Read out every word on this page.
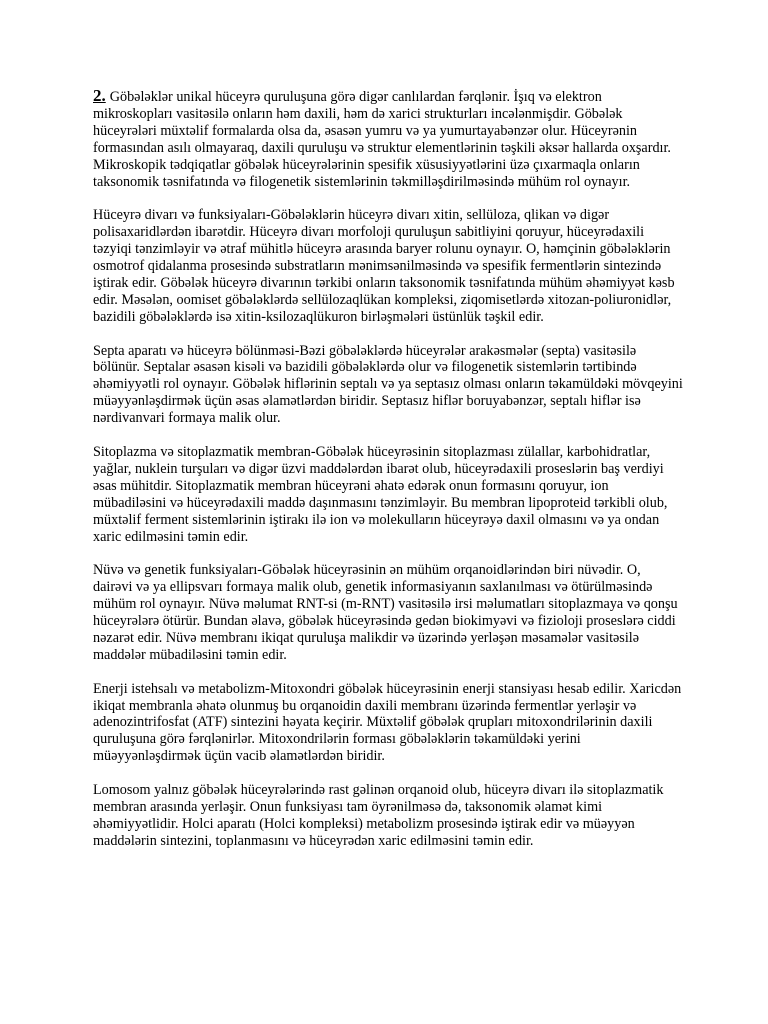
2. Göbələklər unikal hüceyrə quruluşuna görə digər canlılardan fərqlənir. İşıq və elektron mikroskopları vasitəsilə onların həm daxili, həm də xarici strukturları incələnmişdir. Göbələk hüceyrələri müxtəlif formalarda olsa da, əsasən yumru və ya yumurtayabənzər olur. Hüceyrənin formasından asılı olmayaraq, daxili quruluşu və struktur elementlərinin təşkili əksər hallarda oxşardır. Mikroskopik tədqiqatlar göbələk hüceyrələrinin spesifik xüsusiyyətlərini üzə çıxarmaqla onların taksonomik təsnifatında və filogenetik sistemlərinin təkmilləşdirilməsində mühüm rol oynayır.

Hüceyrə divarı və funksiyaları-Göbələklərin hüceyrə divarı xitin, sellüloza, qlikan və digər polisaxaridlərdən ibarətdir. Hüceyrə divarı morfoloji quruluşun sabitliyini qoruyur, hüceyrədaxili təzyiqi tənzimləyir və ətraf mühitlə hüceyrə arasında baryer rolunu oynayır. O, həmçinin göbələklərin osmotrof qidalanma prosesində substratların mənimsənilməsində və spesifik fermentlərin sintezində iştirak edir. Göbələk hüceyrə divarının tərkibi onların taksonomik təsnifatında mühüm əhəmiyyət kəsb edir. Məsələn, oomiset göbələklərdə sellülozaqlükan kompleksi, ziqomisetlərdə xitozan-poliuronidlər, bazidili göbələklərdə isə xitin-ksilozaqlükuron birləşmələri üstünlük təşkil edir.

Septa aparatı və hüceyrə bölünməsi-Bəzi göbələklərdə hüceyrələr arakəsmələr (septa) vasitəsilə bölünür. Septalar əsasən kisəli və bazidili göbələklərdə olur və filogenetik sistemlərin tərtibində əhəmiyyətli rol oynayır. Göbələk hiflərinin septalı və ya septasız olması onların təkamüldəki mövqeyini müəyyənləşdirmək üçün əsas əlamətlərdən biridir. Septasız hiflər boruyabənzər, septalı hiflər isə nərdivanvari formaya malik olur.

Sitoplazma və sitoplazmatik membran-Göbələk hüceyrəsinin sitoplazması zülallar, karbohidratlar, yağlar, nuklein turşuları və digər üzvi maddələrdən ibarət olub, hüceyrədaxili proseslərin baş verdiyi əsas mühitdir. Sitoplazmatik membran hüceyrəni əhatə edərək onun formasını qoruyur, ion mübadiləsini və hüceyrədaxili maddə daşınmasını tənzimləyir. Bu membran lipoproteid tərkibli olub, müxtəlif ferment sistemlərinin iştirakı ilə ion və molekulların hüceyrəyə daxil olmasını və ya ondan xaric edilməsini təmin edir.

Nüvə və genetik funksiyaları-Göbələk hüceyrəsinin ən mühüm orqanoidlərindən biri nüvədir. O, dairəvi və ya ellipsvarı formaya malik olub, genetik informasiyanın saxlanılması və ötürülməsində mühüm rol oynayır. Nüvə məlumat RNT-si (m-RNT) vasitəsilə irsi məlumatları sitoplazmaya və qonşu hüceyrələrə ötürür. Bundan əlavə, göbələk hüceyrəsində gedən biokimyəvi və fizioloji proseslərə ciddi nəzarət edir. Nüvə membranı ikiqat quruluşa malikdir və üzərində yerləşən məsamələr vasitəsilə maddələr mübadiləsini təmin edir.

Enerji istehsalı və metabolizm-Mitoxondri göbələk hüceyrəsinin enerji stansiyası hesab edilir. Xaricdən ikiqat membranla əhatə olunmuş bu orqanoidin daxili membranı üzərində fermentlər yerləşir və adenozintrifosfat (ATF) sintezini həyata keçirir. Müxtəlif göbələk qrupları mitoxondrilərinin daxili quruluşuna görə fərqlənirlər. Mitoxondrilərin forması göbələklərin təkamüldəki yerini müəyyənləşdirmək üçün vacib əlamətlərdən biridir.

Lomosom yalnız göbələk hüceyrələrində rast gəlinən orqanoid olub, hüceyrə divarı ilə sitoplazmatik membran arasında yerləşir. Onun funksiyası tam öyrənilməsə də, taksonomik əlamət kimi əhəmiyyətlidir. Holci aparatı (Holci kompleksi) metabolizm prosesində iştirak edir və müəyyən maddələrin sintezini, toplanmasını və hüceyrədən xaric edilməsini təmin edir.
